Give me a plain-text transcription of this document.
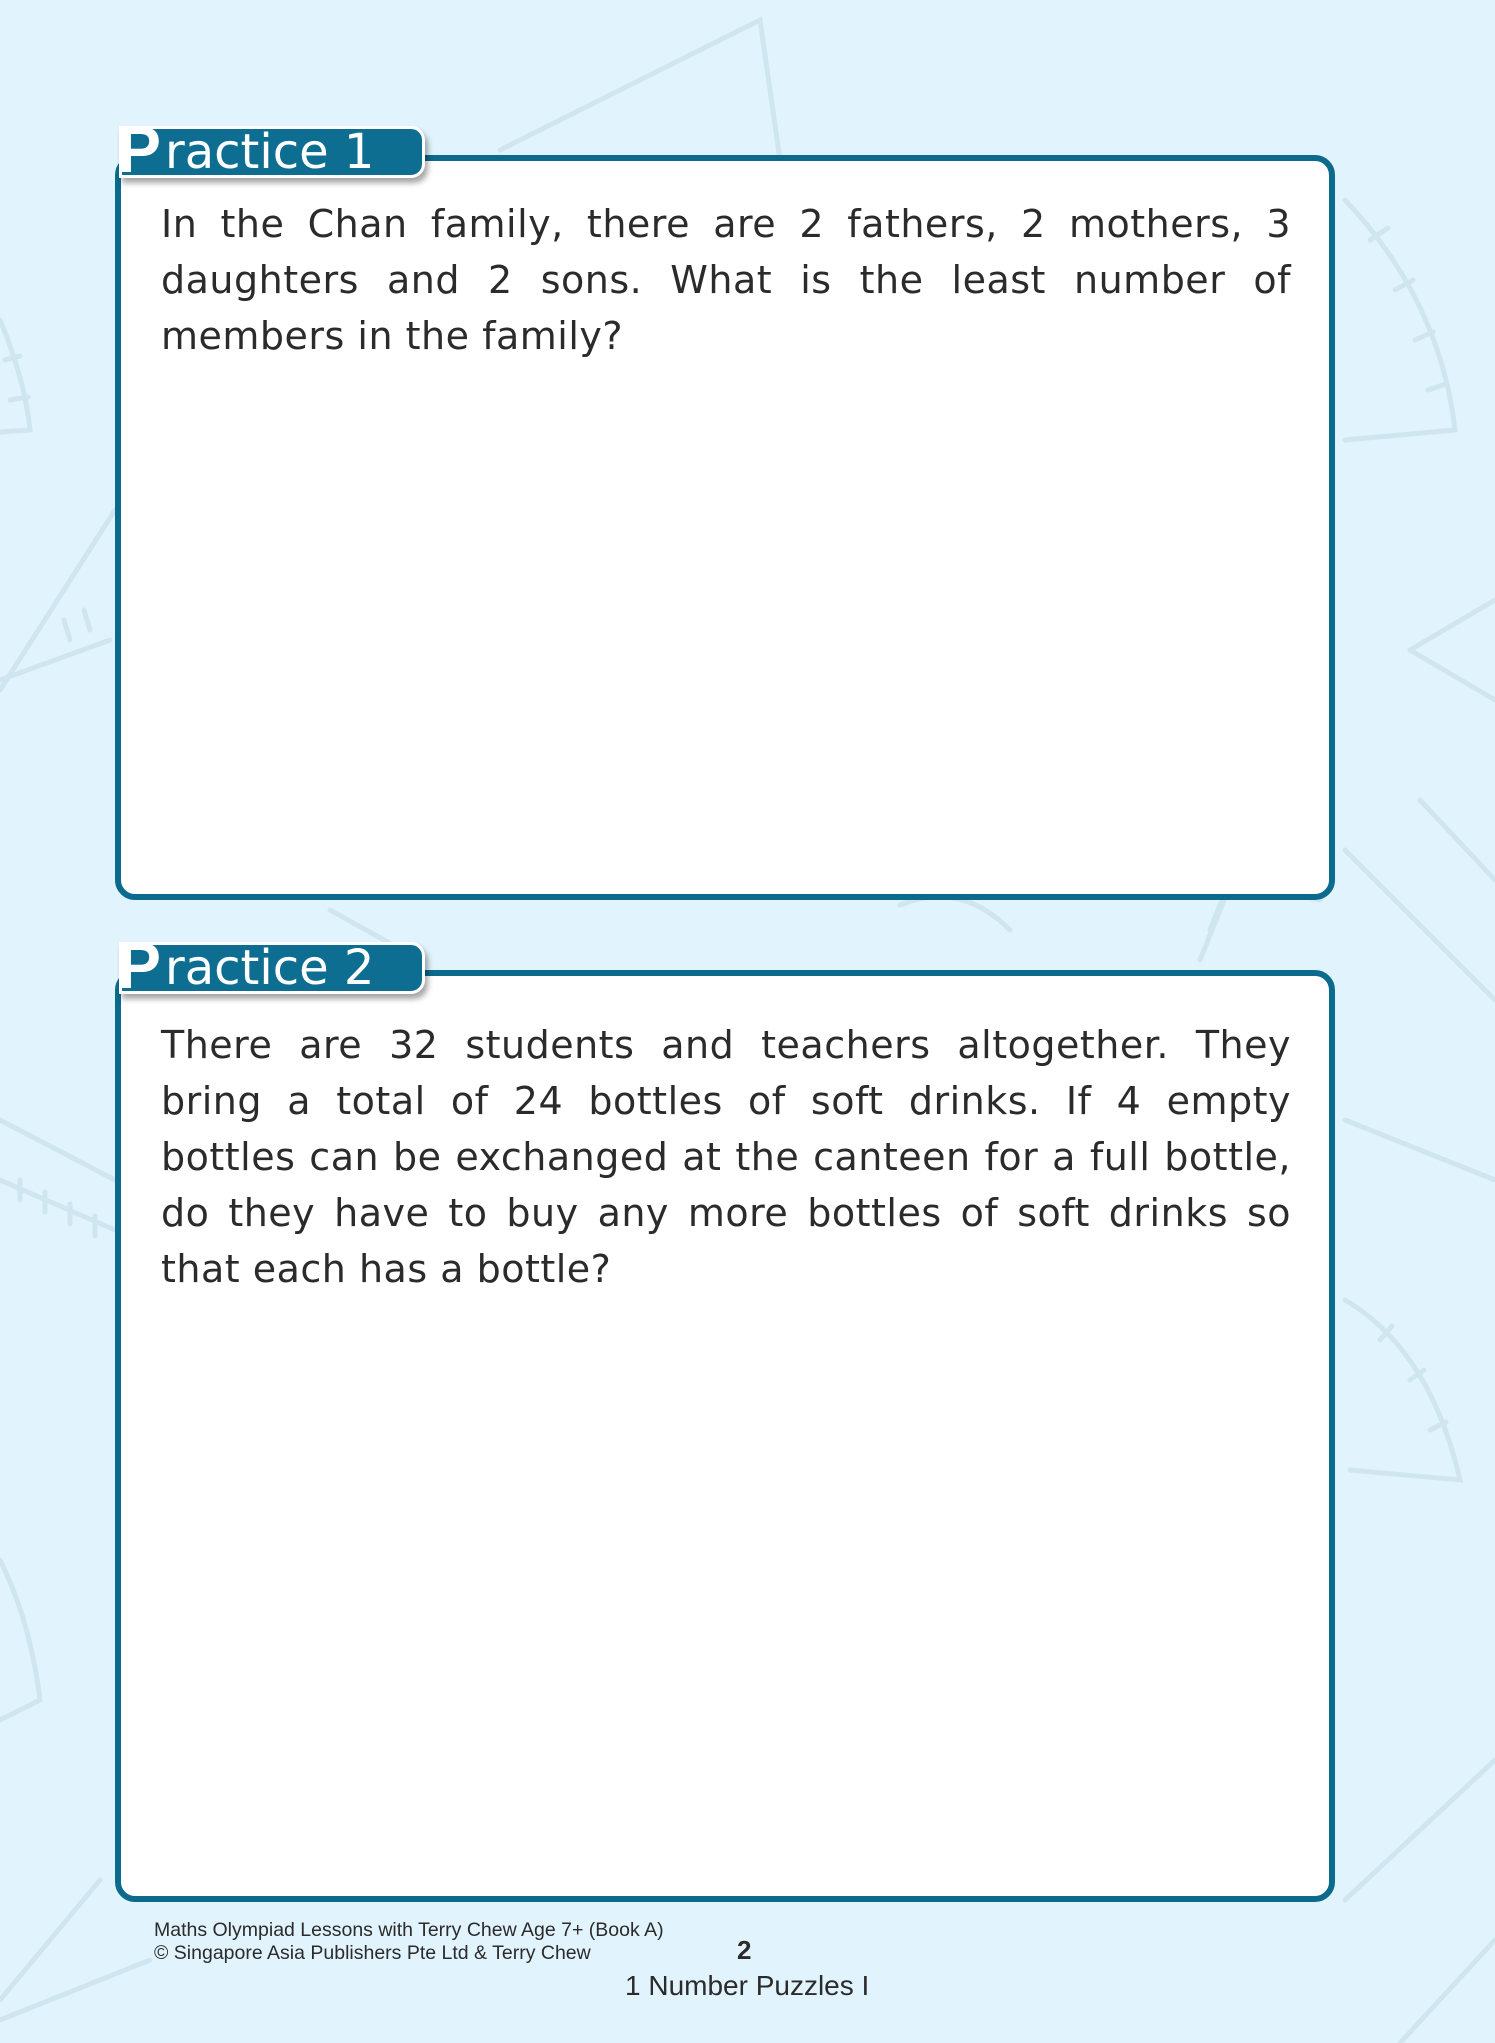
P ractice 1

In the Chan family, there are 2 fathers, 2 mothers, 3 daughters and 2 sons. What is the least number of members in the family?

P ractice 2

There are 32 students and teachers altogether. They bring a total of 24 bottles of soft drinks. If 4 empty bottles can be exchanged at the canteen for a full bottle, do they have to buy any more bottles of soft drinks so that each has a bottle?

Maths Olympiad Lessons with Terry Chew Age 7+ (Book A)
© Singapore Asia Publishers Pte Ltd & Terry Chew	2
1 Number Puzzles I
